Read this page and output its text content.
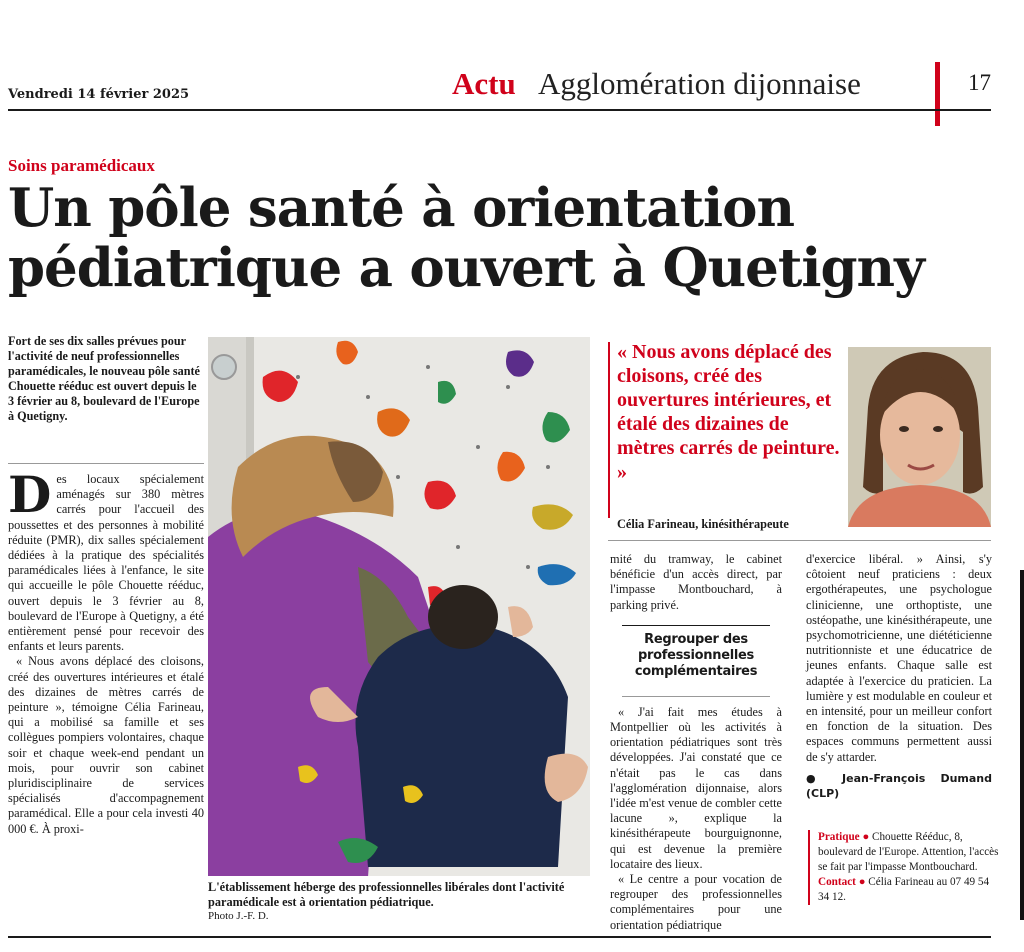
Vendredi 14 février 2025	Actu Agglomération dijonnaise	17
Soins paramédicaux
Un pôle santé à orientation
pédiatrique a ouvert à Quetigny
Fort de ses dix salles prévues pour l'activité de neuf professionnelles paramédicales, le nouveau pôle santé Chouette rééduc est ouvert depuis le 3 février au 8, boulevard de l'Europe à Quetigny.

Des locaux spécialement aménagés sur 380 mètres carrés pour l'accueil des poussettes et des personnes à mobilité réduite (PMR), dix salles spécialement dédiées à la pratique des spécialités paramédicales liées à l'enfance, le site qui accueille le pôle Chouette rééduc, ouvert depuis le 3 février au 8, boulevard de l'Europe à Quetigny, a été entièrement pensé pour recevoir des enfants et leurs parents.

« Nous avons déplacé des cloisons, créé des ouvertures intérieures et étalé des dizaines de mètres carrés de peinture », témoigne Célia Farineau, qui a mobilisé sa famille et ses collègues pompiers volontaires, chaque soir et chaque week-end pendant un mois, pour ouvrir son cabinet pluridisciplinaire de services spécialisés d'accompagnement paramédical. Elle a pour cela investi 40 000 €. À proxi-

L'établissement héberge des professionnelles libérales dont l'activité paramédicale est à orientation pédiatrique.
Photo J.-F. D.
« Nous avons déplacé des cloisons, créé des ouvertures intérieures, et étalé des dizaines de mètres carrés de peinture. »
Célia Farineau, kinésithérapeute

mité du tramway, le cabinet bénéficie d'un accès direct, par l'impasse Montbouchard, à parking privé.

Regrouper des professionnelles complémentaires

« J'ai fait mes études à Montpellier où les activités à orientation pédiatriques sont très développées. J'ai constaté que ce n'était pas le cas dans l'agglomération dijonnaise, alors l'idée m'est venue de combler cette lacune », explique la kinésithérapeute bourguignonne, qui est devenue la première locataire des lieux.

« Le centre a pour vocation de regrouper des professionnelles complémentaires pour une orientation pédiatrique

d'exercice libéral. » Ainsi, s'y côtoient neuf praticiens : deux ergothérapeutes, une psychologue clinicienne, une orthoptiste, une ostéopathe, une kinésithérapeute, une psychomotricienne, une diététicienne nutritionniste et une éducatrice de jeunes enfants. Chaque salle est adaptée à l'exercice du praticien. La lumière y est modulable en couleur et en intensité, pour un meilleur confort en fonction de la situation. Des espaces communs permettent aussi de s'y attarder.

● Jean-François Dumand (CLP)
Pratique ● Chouette Rééduc, 8, boulevard de l'Europe. Attention, l'accès se fait par l'impasse Montbouchard.
Contact ● Célia Farineau au 07 49 54 34 12.
